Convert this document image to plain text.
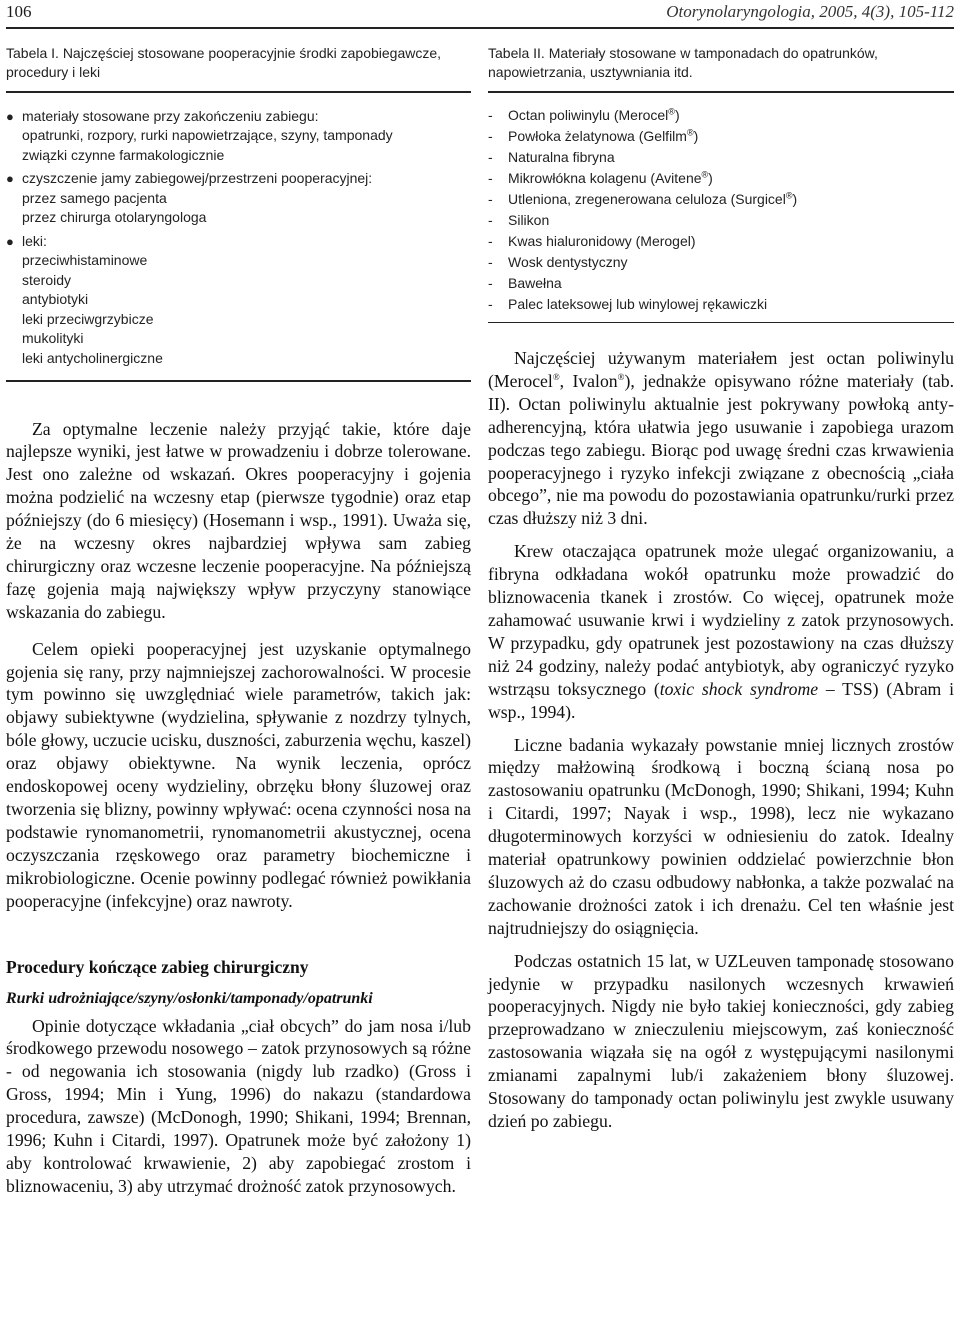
106	Otorynolaryngologia, 2005, 4(3), 105-112
Tabela I. Najczęściej stosowane pooperacyjnie środki zapobiegawcze, procedury i leki
● materiały stosowane przy zakończeniu zabiegu:
opatrunki, rozpory, rurki napowietrzające, szyny, tamponady
związki czynne farmakologicznie
● czyszczenie jamy zabiegowej/przestrzeni pooperacyjnej:
przez samego pacjenta
przez chirurga otolaryngologa
● leki:
przeciwhistaminowe
steroidy
antybiotyki
leki przeciwgrzybicze
mukolityki
leki antycholinergiczne

Za optymalne leczenie należy przyjąć takie, które daje najlepsze wyniki, jest łatwe w prowadzeniu i dobrze tolerowane. Jest ono zależne od wskazań. Okres pooperacyjny i gojenia można podzielić na wczesny etap (pierwsze tygodnie) oraz etap późniejszy (do 6 miesięcy) (Hosemann i wsp., 1991). Uważa się, że na wczesny okres najbardziej wpływa sam zabieg chirurgiczny oraz wczesne leczenie pooperacyjne. Na późniejszą fazę gojenia mają największy wpływ przyczyny stanowiące wskazania do zabiegu.

Celem opieki pooperacyjnej jest uzyskanie optymalnego gojenia się rany, przy najmniejszej zachorowalności. W procesie tym powinno się uwzględniać wiele parametrów, takich jak: objawy subiektywne (wydzielina, spływanie z nozdrzy tylnych, bóle głowy, uczucie ucisku, duszności, zaburzenia węchu, kaszel) oraz objawy obiektywne. Na wynik leczenia, oprócz endoskopowej oceny wydzieliny, obrzęku błony śluzowej oraz tworzenia się blizny, powinny wpływać: ocena czynności nosa na podstawie rynomanometrii, rynomanometrii akustycznej, ocena oczyszczania rzęskowego oraz parametry biochemiczne i mikrobiologiczne. Ocenie powinny podlegać również powikłania pooperacyjne (infekcyjne) oraz nawroty.

Procedury kończące zabieg chirurgiczny
Rurki udrożniające/szyny/osłonki/tamponady/opatrunki

Opinie dotyczące wkładania „ciał obcych” do jam nosa i/lub środkowego przewodu nosowego – zatok przynosowych są różne - od negowania ich stosowania (nigdy lub rzadko) (Gross i Gross, 1994; Min i Yung, 1996) do nakazu (standardowa procedura, zawsze) (McDonogh, 1990; Shikani, 1994; Brennan, 1996; Kuhn i Citardi, 1997). Opatrunek może być założony 1) aby kontrolować krwawienie, 2) aby zapobiegać zrostom i bliznowaceniu, 3) aby utrzymać drożność zatok przynosowych.

Tabela II. Materiały stosowane w tamponadach do opatrunków, napowietrzania, usztywniania itd.
- Octan poliwinylu (Merocel®)
- Powłoka żelatynowa (Gelfilm®)
- Naturalna fibryna
- Mikrowłókna kolagenu (Avitene®)
- Utleniona, zregenerowana celuloza (Surgicel®)
- Silikon
- Kwas hialuronidowy (Merogel)
- Wosk dentystyczny
- Bawełna
- Palec lateksowej lub winylowej rękawiczki

Najczęściej używanym materiałem jest octan poliwinylu (Merocel®, Ivalon®), jednakże opisywano różne materiały (tab. II). Octan poliwinylu aktualnie jest pokrywany powłoką anty-adherencyjną, która ułatwia jego usuwanie i zapobiega urazom podczas tego zabiegu. Biorąc pod uwagę średni czas krwawienia pooperacyjnego i ryzyko infekcji związane z obecnością „ciała obcego”, nie ma powodu do pozostawiania opatrunku/rurki przez czas dłuższy niż 3 dni.

Krew otaczająca opatrunek może ulegać organizowaniu, a fibryna odkładana wokół opatrunku może prowadzić do bliznowacenia tkanek i zrostów. Co więcej, opatrunek może zahamować usuwanie krwi i wydzieliny z zatok przynosowych. W przypadku, gdy opatrunek jest pozostawiony na czas dłuższy niż 24 godziny, należy podać antybiotyk, aby ograniczyć ryzyko wstrząsu toksycznego (toxic shock syndrome – TSS) (Abram i wsp., 1994).

Liczne badania wykazały powstanie mniej licznych zrostów między małżowiną środkową i boczną ścianą nosa po zastosowaniu opatrunku (McDonogh, 1990; Shikani, 1994; Kuhn i Citardi, 1997; Nayak i wsp., 1998), lecz nie wykazano długoterminowych korzyści w odniesieniu do zatok. Idealny materiał opatrunkowy powinien oddzielać powierzchnie błon śluzowych aż do czasu odbudowy nabłonka, a także pozwalać na zachowanie drożności zatok i ich drenażu. Cel ten właśnie jest najtrudniejszy do osiągnięcia.

Podczas ostatnich 15 lat, w UZLeuven tamponadę stosowano jedynie w przypadku nasilonych wczesnych krwawień pooperacyjnych. Nigdy nie było takiej konieczności, gdy zabieg przeprowadzano w znieczuleniu miejscowym, zaś konieczność zastosowania wiązała się na ogół z występującymi nasilonymi zmianami zapalnymi lub/i zakażeniem błony śluzowej. Stosowany do tamponady octan poliwinylu jest zwykle usuwany dzień po zabiegu.
